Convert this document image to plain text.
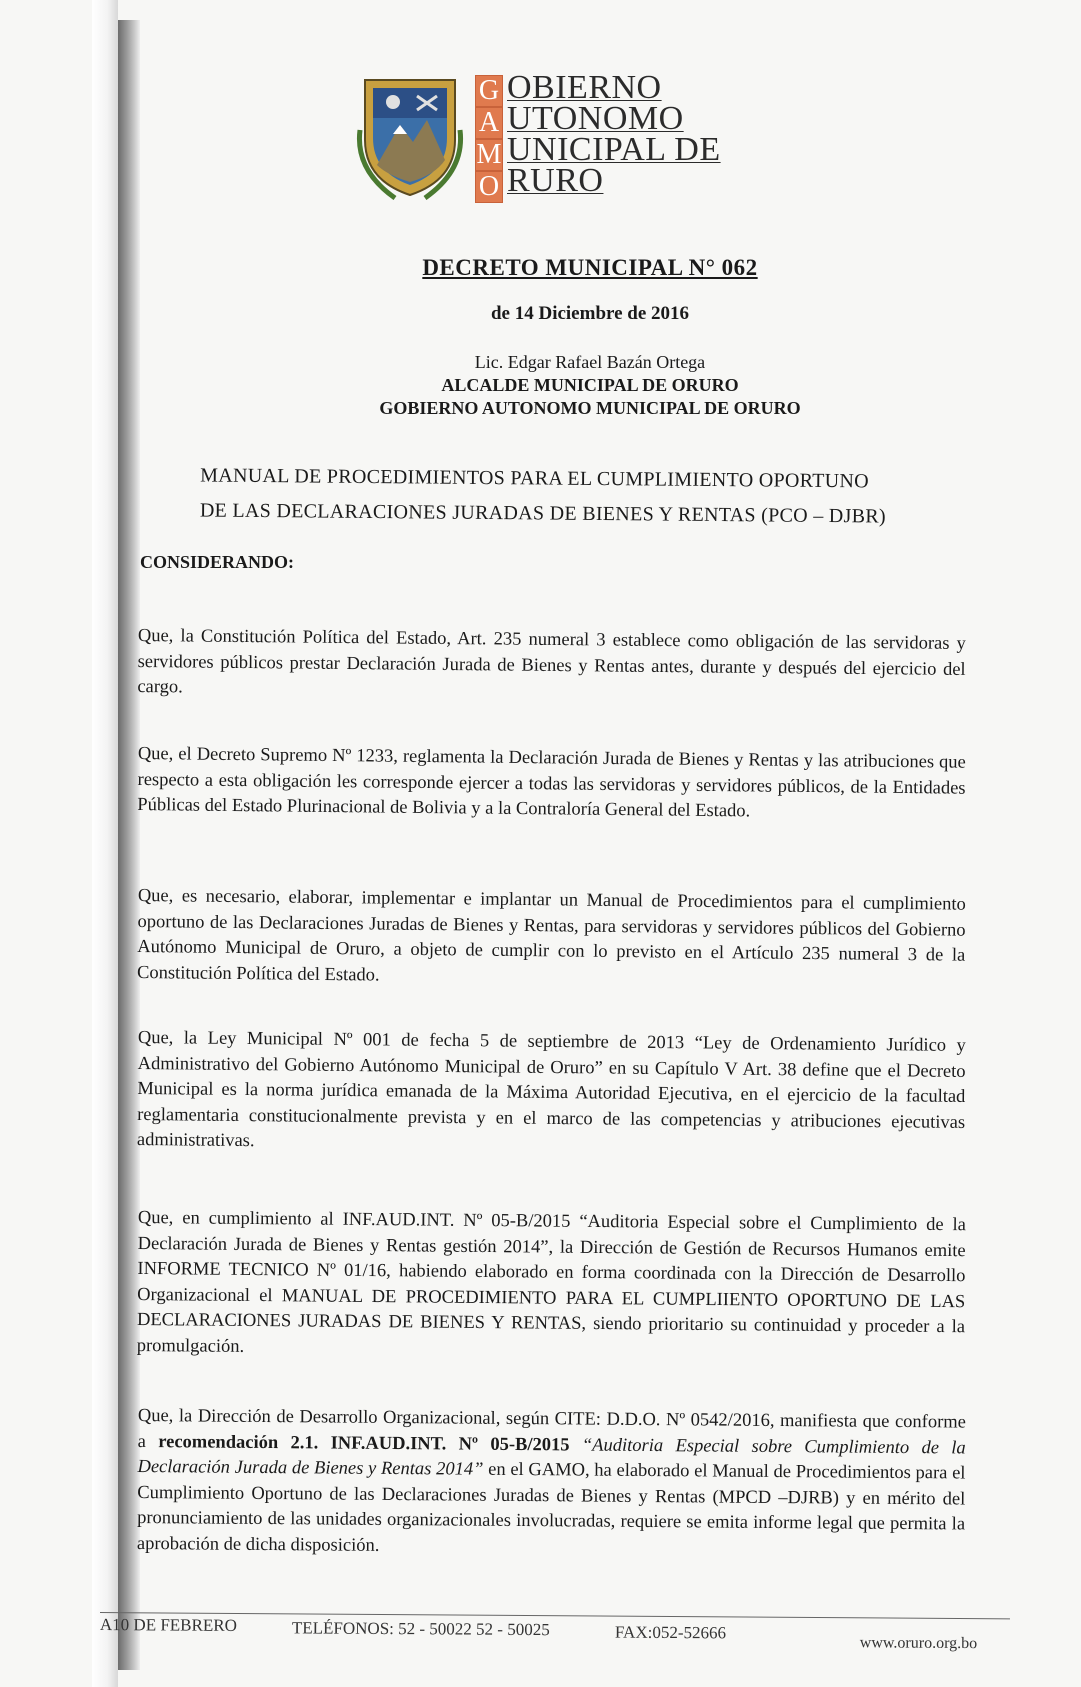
G
A
M
O
OBIERNO
UTONOMO
UNICIPAL DE
RURO
DECRETO MUNICIPAL N° 062
de 14 Diciembre de 2016
Lic. Edgar Rafael Bazán Ortega
ALCALDE MUNICIPAL DE ORURO
GOBIERNO AUTONOMO MUNICIPAL DE ORURO
MANUAL DE PROCEDIMIENTOS PARA EL CUMPLIMIENTO OPORTUNO
DE LAS DECLARACIONES JURADAS DE BIENES Y RENTAS (PCO – DJBR)
CONSIDERANDO:
Que, la Constitución Política del Estado, Art. 235 numeral 3 establece como obligación de las servidoras y servidores públicos prestar Declaración Jurada de Bienes y Rentas antes, durante y después del ejercicio del cargo.
Que, el Decreto Supremo Nº 1233, reglamenta la Declaración Jurada de Bienes y Rentas y las atribuciones que respecto a esta obligación les corresponde ejercer a todas las servidoras y servidores públicos, de la Entidades Públicas del Estado Plurinacional de Bolivia y a la Contraloría General del Estado.
Que, es necesario, elaborar, implementar e implantar un Manual de Procedimientos para el cumplimiento oportuno de las Declaraciones Juradas de Bienes y Rentas, para servidoras y servidores públicos del Gobierno Autónomo Municipal de Oruro, a objeto de cumplir con lo previsto en el Artículo 235 numeral 3 de la Constitución Política del Estado.
Que, la Ley Municipal Nº 001 de fecha 5 de septiembre de 2013 “Ley de Ordenamiento Jurídico y Administrativo del Gobierno Autónomo Municipal de Oruro” en su Capítulo V Art. 38 define que el Decreto Municipal es la norma jurídica emanada de la Máxima Autoridad Ejecutiva, en el ejercicio de la facultad reglamentaria constitucionalmente prevista y en el marco de las competencias y atribuciones ejecutivas administrativas.
Que, en cumplimiento al INF.AUD.INT. Nº 05-B/2015 “Auditoria Especial sobre el Cumplimiento de la Declaración Jurada de Bienes y Rentas gestión 2014”, la Dirección de Gestión de Recursos Humanos emite INFORME TECNICO Nº 01/16, habiendo elaborado en forma coordinada con la Dirección de Desarrollo Organizacional el MANUAL DE PROCEDIMIENTO PARA EL CUMPLIIENTO OPORTUNO DE LAS DECLARACIONES JURADAS DE BIENES Y RENTAS, siendo prioritario su continuidad y proceder a la promulgación.
Que, la Dirección de Desarrollo Organizacional, según CITE: D.D.O. Nº 0542/2016, manifiesta que conforme a recomendación 2.1. INF.AUD.INT. Nº 05-B/2015 “Auditoria Especial sobre Cumplimiento de la Declaración Jurada de Bienes y Rentas 2014” en el GAMO, ha elaborado el Manual de Procedimientos para el Cumplimiento Oportuno de las Declaraciones Juradas de Bienes y Rentas (MPCD –DJRB) y en mérito del pronunciamiento de las unidades organizacionales involucradas, requiere se emita informe legal que permita la aprobación de dicha disposición.
A10 DE FEBRERO	TELÉFONOS: 52 - 50022 52 - 50025	FAX:052-52666
www.oruro.org.bo
